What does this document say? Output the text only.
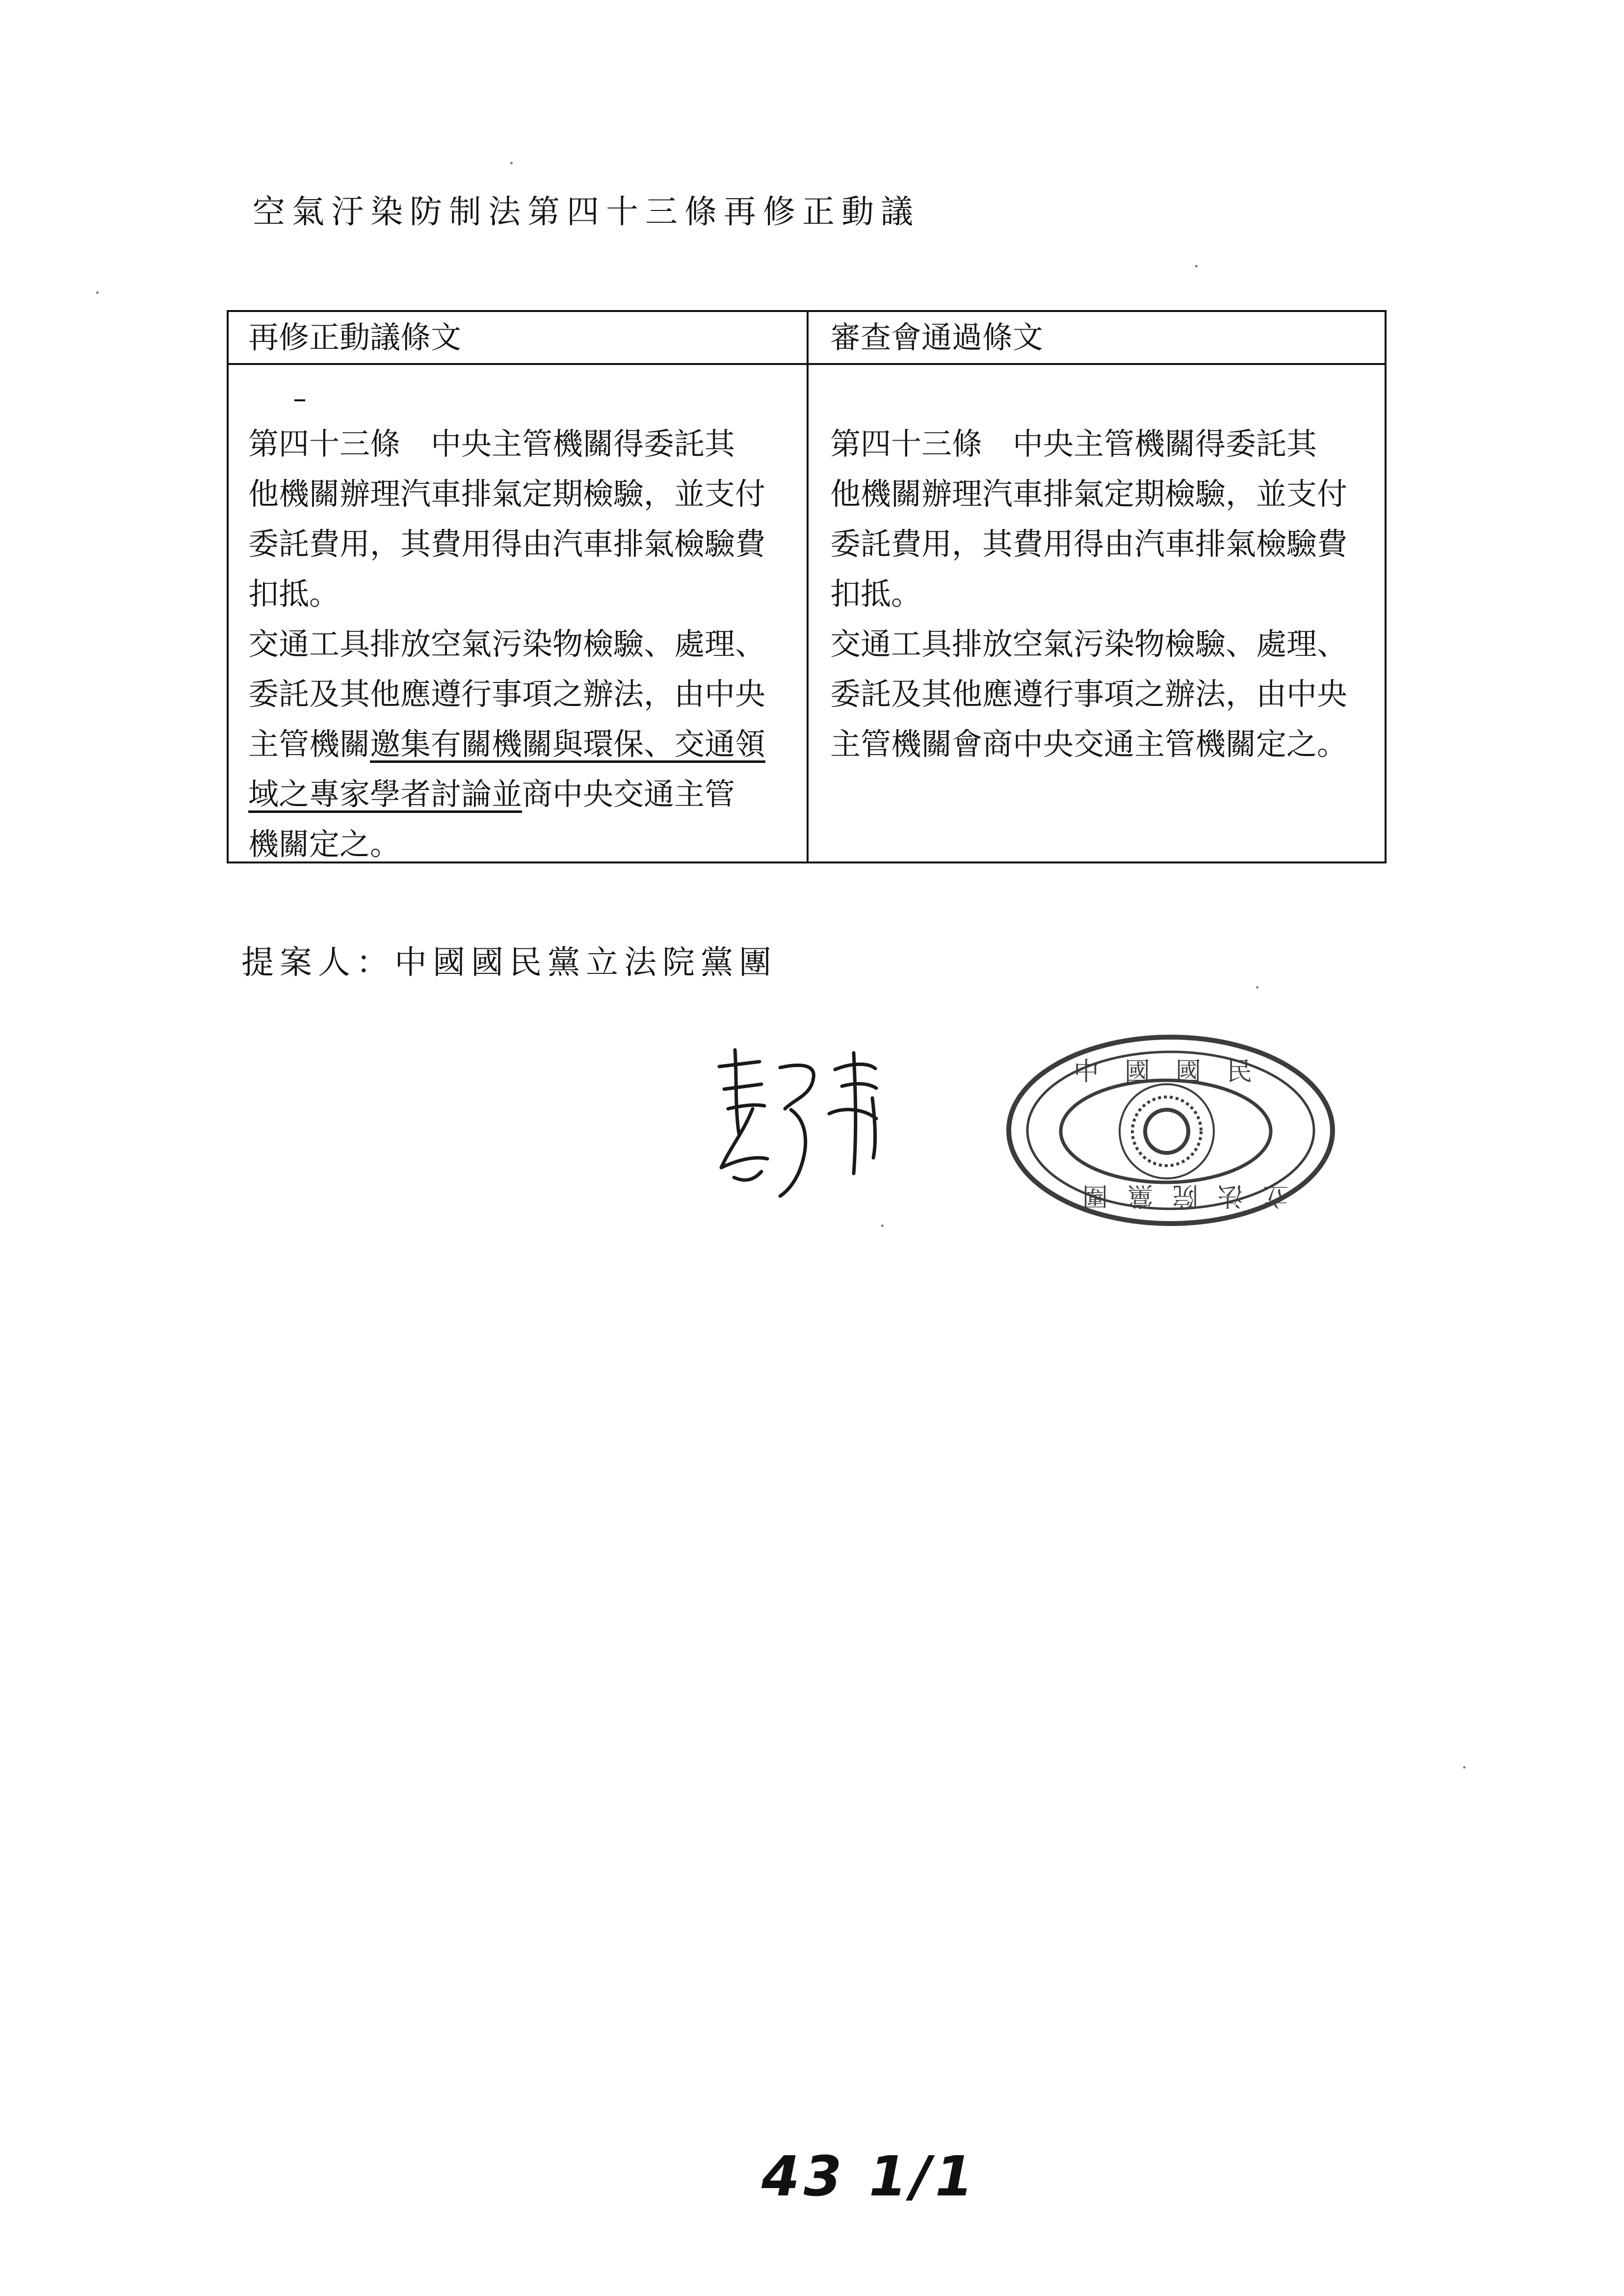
空氣汙染防制法第四十三條再修正動議
再修正動議條文	審查會通過條文
第四十三條　中央主管機關得委託其
他機關辦理汽車排氣定期檢驗，並支付
委託費用，其費用得由汽車排氣檢驗費
扣抵。
交通工具排放空氣污染物檢驗、處理、
委託及其他應遵行事項之辦法，由中央
主管機關邀集有關機關與環保、交通領
域之專家學者討論並商中央交通主管
機關定之。
第四十三條　中央主管機關得委託其
他機關辦理汽車排氣定期檢驗，並支付
委託費用，其費用得由汽車排氣檢驗費
扣抵。
交通工具排放空氣污染物檢驗、處理、
委託及其他應遵行事項之辦法，由中央
主管機關會商中央交通主管機關定之。
提案人：中國國民黨立法院黨團
中國國民
立法院黨團
43 1/1
